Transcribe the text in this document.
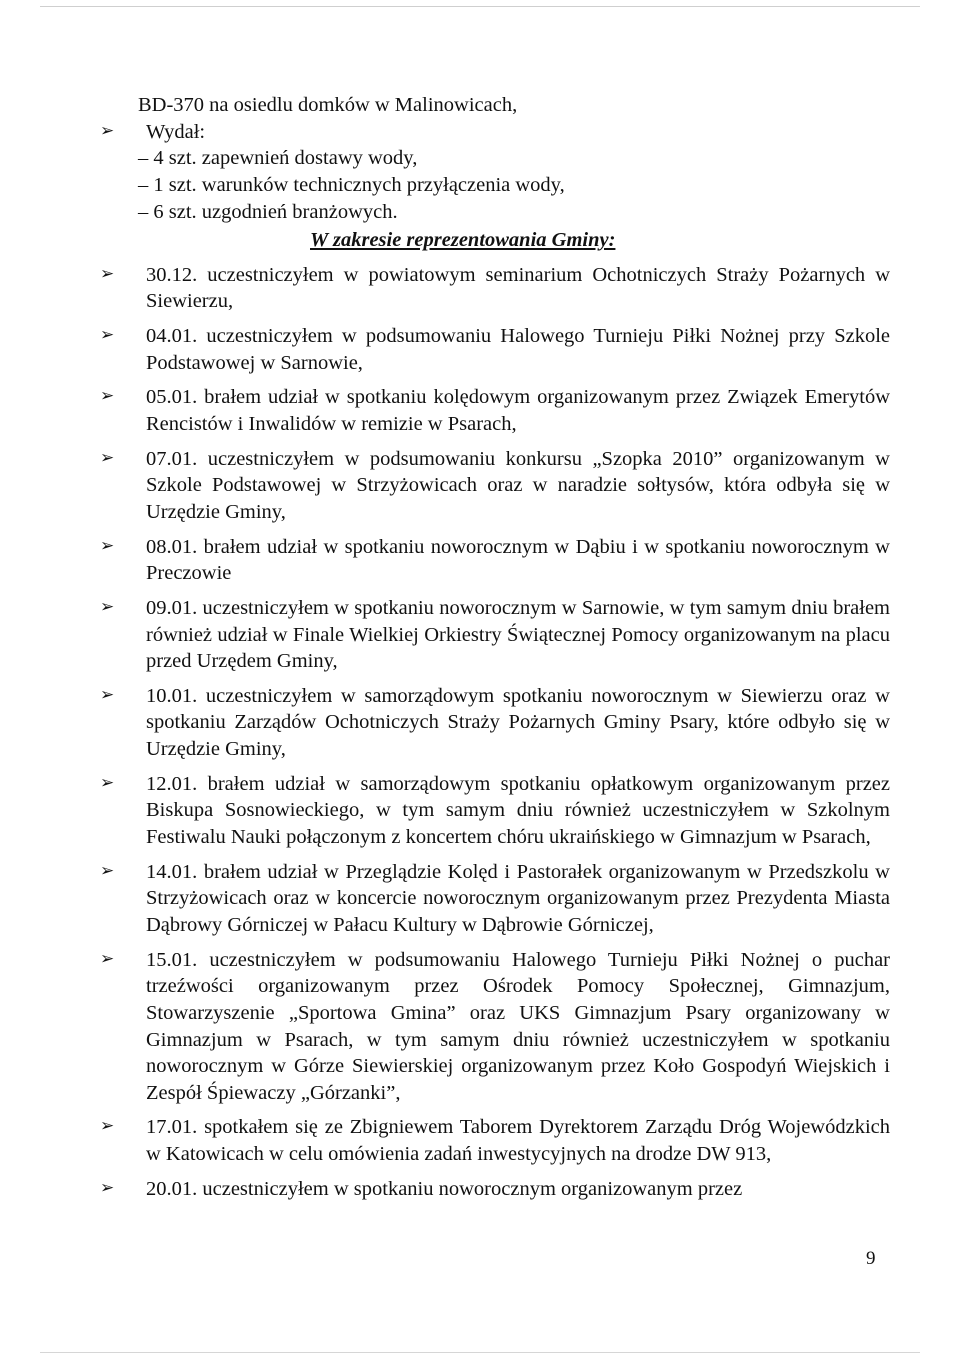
BD-370 na osiedlu domków w Malinowicach,

➢ Wydał:
– 4 szt. zapewnień dostawy wody,
– 1 szt. warunków technicznych przyłączenia wody,
– 6 szt. uzgodnień branżowych.
W zakresie reprezentowania Gminy:
➢ 30.12. uczestniczyłem w powiatowym seminarium Ochotniczych Straży Pożarnych w Siewierzu,
➢ 04.01. uczestniczyłem w podsumowaniu Halowego Turnieju Piłki Nożnej przy Szkole Podstawowej w Sarnowie,
➢ 05.01. brałem udział w spotkaniu kolędowym organizowanym przez Związek Emerytów Rencistów i Inwalidów w remizie w Psarach,
➢ 07.01. uczestniczyłem w podsumowaniu konkursu „Szopka 2010” organizowanym w Szkole Podstawowej w Strzyżowicach oraz w naradzie sołtysów, która odbyła się w Urzędzie Gminy,
➢ 08.01. brałem udział w spotkaniu noworocznym w Dąbiu i w spotkaniu noworocznym w Preczowie
➢ 09.01. uczestniczyłem w spotkaniu noworocznym w Sarnowie, w tym samym dniu brałem również udział w Finale Wielkiej Orkiestry Świątecznej Pomocy organizowanym na placu przed Urzędem Gminy,
➢ 10.01. uczestniczyłem w samorządowym spotkaniu noworocznym w Siewierzu oraz w spotkaniu Zarządów Ochotniczych Straży Pożarnych Gminy Psary, które odbyło się w Urzędzie Gminy,
➢ 12.01. brałem udział w samorządowym spotkaniu opłatkowym organizowanym przez Biskupa Sosnowieckiego, w tym samym dniu również uczestniczyłem w Szkolnym Festiwalu Nauki połączonym z koncertem chóru ukraińskiego w Gimnazjum w Psarach,
➢ 14.01. brałem udział w Przeglądzie Kolęd i Pastorałek organizowanym w Przedszkolu w Strzyżowicach oraz w koncercie noworocznym organizowanym przez Prezydenta Miasta Dąbrowy Górniczej w Pałacu Kultury w Dąbrowie Górniczej,
➢ 15.01. uczestniczyłem w podsumowaniu Halowego Turnieju Piłki Nożnej o puchar trzeźwości organizowanym przez Ośrodek Pomocy Społecznej, Gimnazjum, Stowarzyszenie „Sportowa Gmina” oraz UKS Gimnazjum Psary organizowany w Gimnazjum w Psarach, w tym samym dniu również uczestniczyłem w spotkaniu noworocznym w Górze Siewierskiej organizowanym przez Koło Gospodyń Wiejskich i Zespół Śpiewaczy „Górzanki”,
➢ 17.01. spotkałem się ze Zbigniewem Taborem Dyrektorem Zarządu Dróg Wojewódzkich w Katowicach w celu omówienia zadań inwestycyjnych na drodze DW 913,
➢ 20.01. uczestniczyłem w spotkaniu noworocznym organizowanym przez
9
